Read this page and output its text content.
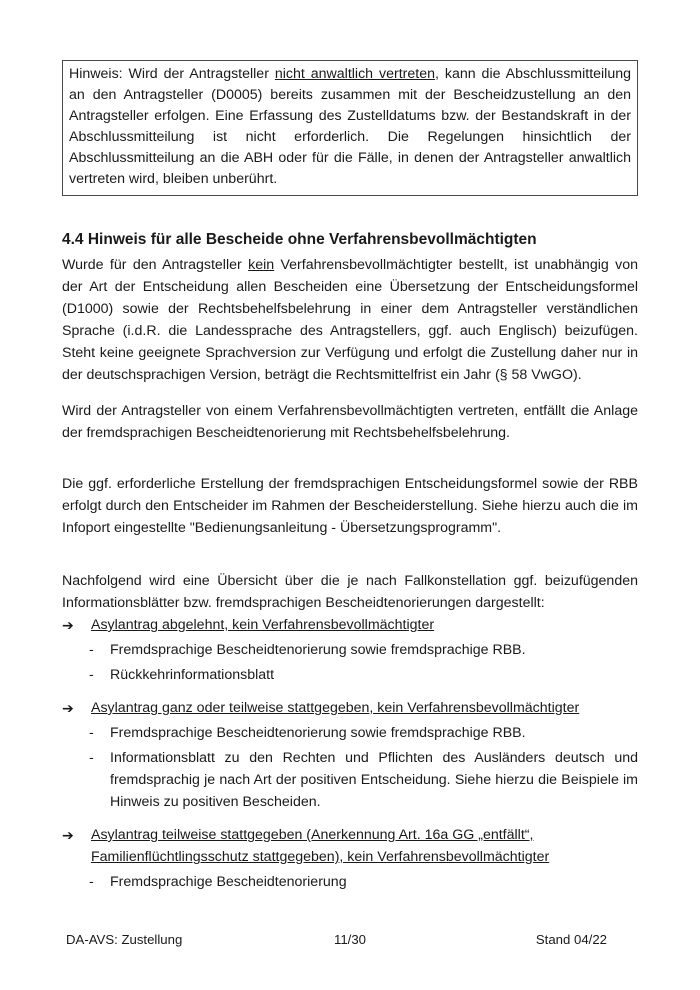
Hinweis: Wird der Antragsteller nicht anwaltlich vertreten, kann die Abschlussmitteilung an den Antragsteller (D0005) bereits zusammen mit der Bescheidzustellung an den Antragsteller erfolgen. Eine Erfassung des Zustelldatums bzw. der Bestandskraft in der Abschlussmitteilung ist nicht erforderlich. Die Regelungen hinsichtlich der Abschlussmitteilung an die ABH oder für die Fälle, in denen der Antragsteller anwaltlich vertreten wird, bleiben unberührt.
4.4 Hinweis für alle Bescheide ohne Verfahrensbevollmächtigten

Wurde für den Antragsteller kein Verfahrensbevollmächtigter bestellt, ist unabhängig von der Art der Entscheidung allen Bescheiden eine Übersetzung der Entscheidungsformel (D1000) sowie der Rechtsbehelfsbelehrung in einer dem Antragsteller verständlichen Sprache (i.d.R. die Landessprache des Antragstellers, ggf. auch Englisch) beizufügen. Steht keine geeignete Sprachversion zur Verfügung und erfolgt die Zustellung daher nur in der deutschsprachigen Version, beträgt die Rechtsmittelfrist ein Jahr (§ 58 VwGO).

Wird der Antragsteller von einem Verfahrensbevollmächtigten vertreten, entfällt die Anlage der fremdsprachigen Bescheidtenorierung mit Rechtsbehelfsbelehrung.

Die ggf. erforderliche Erstellung der fremdsprachigen Entscheidungsformel sowie der RBB erfolgt durch den Entscheider im Rahmen der Bescheiderstellung. Siehe hierzu auch die im Infoport eingestellte "Bedienungsanleitung - Übersetzungsprogramm".

Nachfolgend wird eine Übersicht über die je nach Fallkonstellation ggf. beizufügenden Informationsblätter bzw. fremdsprachigen Bescheidtenorierungen dargestellt:

➔	Asylantrag abgelehnt, kein Verfahrensbevollmächtigter
-	Fremdsprachige Bescheidtenorierung sowie fremdsprachige RBB.
-	Rückkehrinformationsblatt
➔	Asylantrag ganz oder teilweise stattgegeben, kein Verfahrensbevollmächtigter
-	Fremdsprachige Bescheidtenorierung sowie fremdsprachige RBB.
-	Informationsblatt zu den Rechten und Pflichten des Ausländers deutsch und fremdsprachig je nach Art der positiven Entscheidung. Siehe hierzu die Beispiele im Hinweis zu positiven Bescheiden.
➔	Asylantrag teilweise stattgegeben (Anerkennung Art. 16a GG „entfällt“, Familienflüchtlingsschutz stattgegeben), kein Verfahrensbevollmächtigter
-	Fremdsprachige Bescheidtenorierung
DA-AVS: Zustellung	11/30	Stand 04/22
